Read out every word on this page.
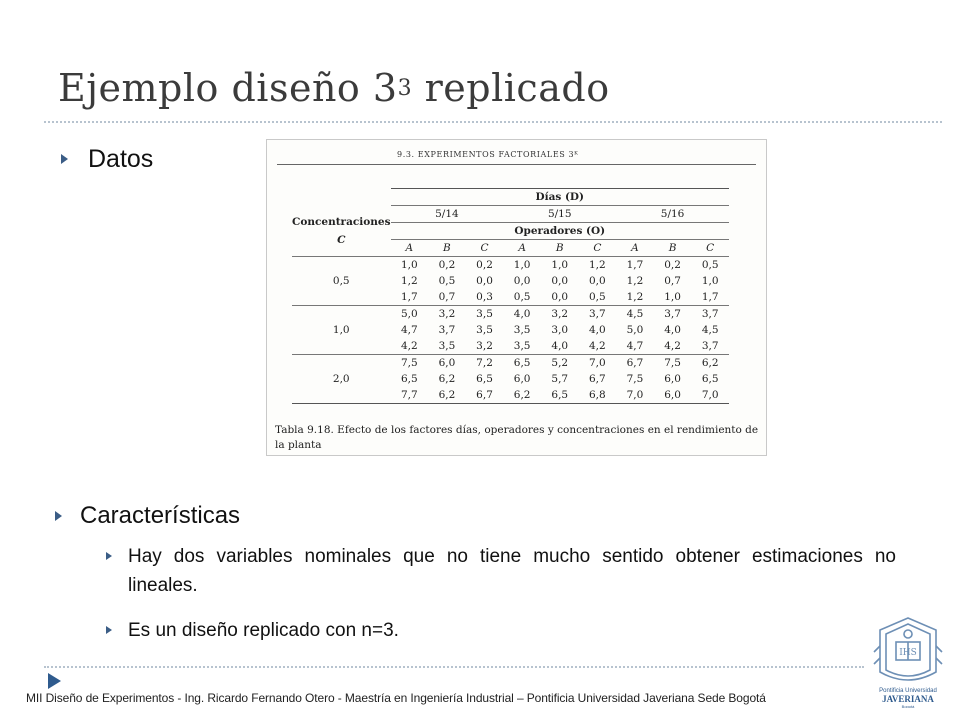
Ejemplo diseño $3^3$ replicado
Datos	9.3. EXPERIMENTOS FACTORIALES 3ᴷ
	Días (D)								
Concentraciones
C	5/14			5/15			5/16		
	Operadores (O)								
	A	B	C	A	B	C	A	B	C
0,5	1,0	0,2	0,2	1,0	1,0	1,2	1,7	0,2	0,5
	1,2	0,5	0,0	0,0	0,0	0,0	1,2	0,7	1,0
	1,7	0,7	0,3	0,5	0,0	0,5	1,2	1,0	1,7
1,0	5,0	3,2	3,5	4,0	3,2	3,7	4,5	3,7	3,7
	4,7	3,7	3,5	3,5	3,0	4,0	5,0	4,0	4,5
	4,2	3,5	3,2	3,5	4,0	4,2	4,7	4,2	3,7
2,0	7,5	6,0	7,2	6,5	5,2	7,0	6,7	7,5	6,2
	6,5	6,2	6,5	6,0	5,7	6,7	7,5	6,0	6,5
	7,7	6,2	6,7	6,2	6,5	6,8	7,0	6,0	7,0
Tabla 9.18. Efecto de los factores días, operadores y concentraciones en el rendimiento de la planta
Características
Hay dos variables nominales que no tiene mucho sentido obtener estimaciones no lineales.
Es un diseño replicado con n=3.
MII Diseño de Experimentos - Ing. Ricardo Fernando Otero - Maestría en Ingeniería Industrial – Pontificia Universidad Javeriana Sede Bogotá
IHS
Pontificia Universidad
JAVERIANA
Bogotá
